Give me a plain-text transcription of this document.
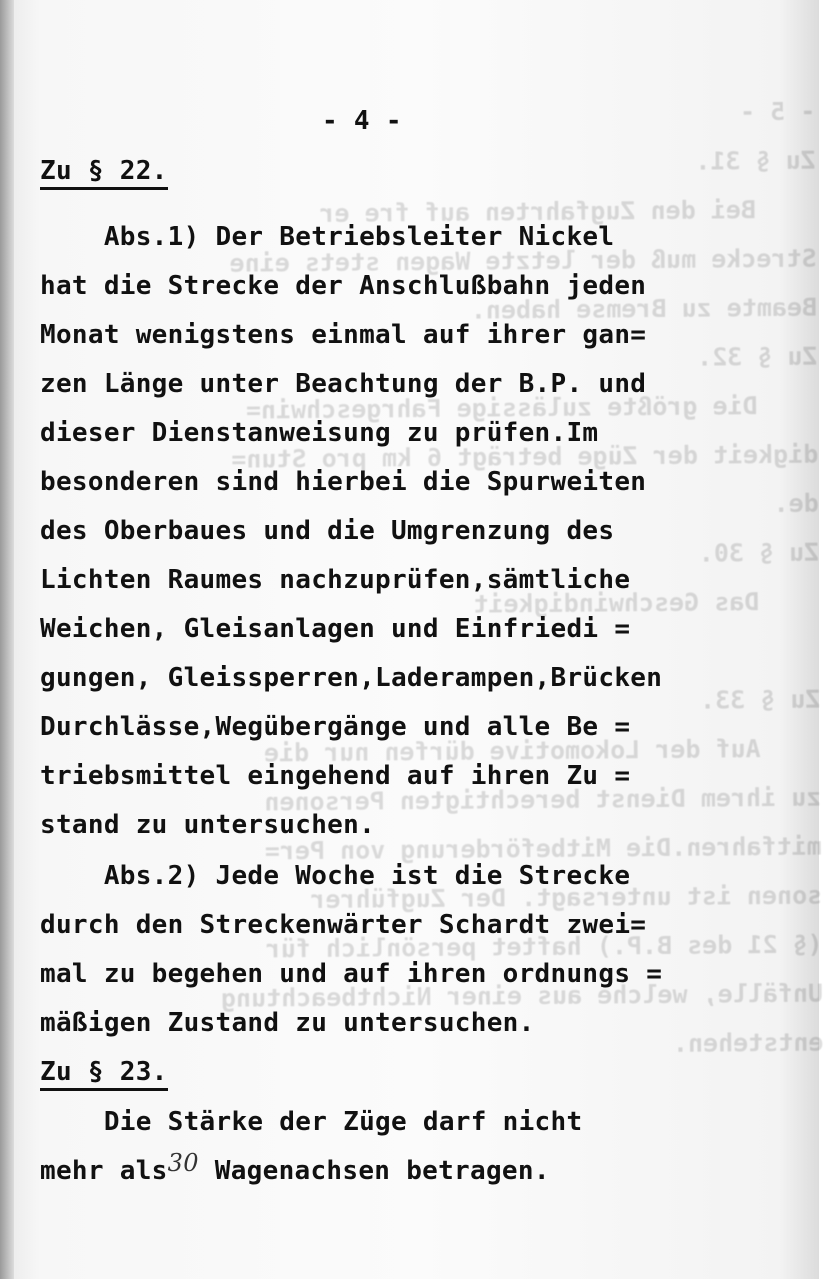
- 5 -
Zu § 31.
Bei den Zugfahrten auf fre er
Strecke muß der letzte Wagen stets eine
Beamte zu Bremse haben.
Zu § 32.
Die größte zulässige Fahrgeschwin=
digkeit der Züge beträgt 6 km pro Stun=
de.
Zu § 30.
Das Geschwindigkeit

Zu § 33.
Auf der Lokomotive dürfen nur die
zu ihrem Dienst berechtigten Personen
mitfahren.Die Mitbeförderung von Per=
sonen ist untersagt. Der Zugführer
(§ 21 des B.P.) haftet persönlich für
Unfälle, welche aus einer Nichtbeachtung
entstehen.
- 4 -
Zu § 22.
Abs.1) Der Betriebsleiter Nickel
hat die Strecke der Anschlußbahn jeden
Monat wenigstens einmal auf ihrer gan=
zen Länge unter Beachtung der B.P. und
dieser Dienstanweisung zu prüfen.Im
besonderen sind hierbei die Spurweiten
des Oberbaues und die Umgrenzung des
Lichten Raumes nachzuprüfen,sämtliche
Weichen, Gleisanlagen und Einfriedi =
gungen, Gleissperren,Laderampen,Brücken
Durchlässe,Wegübergänge und alle Be =
triebsmittel eingehend auf ihren Zu =
stand zu untersuchen.
Abs.2) Jede Woche ist die Strecke
durch den Streckenwärter Schardt zwei=
mal zu begehen und auf ihren ordnungs =
mäßigen Zustand zu untersuchen.
Zu § 23.
Die Stärke der Züge darf nicht
mehr als30 Wagenachsen betragen.
